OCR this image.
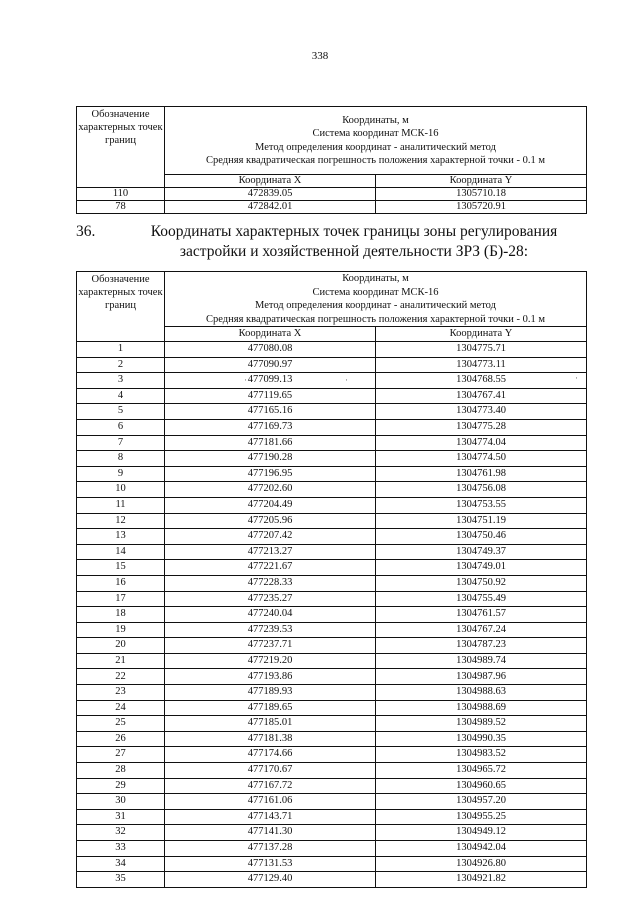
338
Обозначение характерных точек границ	Координаты, м
Система координат МСК-16
Метод определения координат - аналитический метод
Средняя квадратическая погрешность положения характерной точки - 0.1 м	

	Координата X	Координата Y
110	472839.05	1305710.18
78	472842.01	1305720.91
36.	Координаты характерных точек границы зоны регулирования застройки и хозяйственной деятельности ЗРЗ (Б)-28:

Обозначение характерных точек границ	Координаты, м
Система координат МСК-16
Метод определения координат - аналитический метод
Средняя квадратическая погрешность положения характерной точки - 0.1 м	

	Координата X	Координата Y
1	477080.08	1304775.71
2	477090.97	1304773.11
3	477099.13	1304768.55
4	477119.65	1304767.41
5	477165.16	1304773.40
6	477169.73	1304775.28
7	477181.66	1304774.04
8	477190.28	1304774.50
9	477196.95	1304761.98
10	477202.60	1304756.08
11	477204.49	1304753.55
12	477205.96	1304751.19
13	477207.42	1304750.46
14	477213.27	1304749.37
15	477221.67	1304749.01
16	477228.33	1304750.92
17	477235.27	1304755.49
18	477240.04	1304761.57
19	477239.53	1304767.24
20	477237.71	1304787.23
21	477219.20	1304989.74
22	477193.86	1304987.96
23	477189.93	1304988.63
24	477189.65	1304988.69
25	477185.01	1304989.52
26	477181.38	1304990.35
27	477174.66	1304983.52
28	477170.67	1304965.72
29	477167.72	1304960.65
30	477161.06	1304957.20
31	477143.71	1304955.25
32	477141.30	1304949.12
33	477137.28	1304942.04
34	477131.53	1304926.80
35	477129.40	1304921.82
·	·	·
